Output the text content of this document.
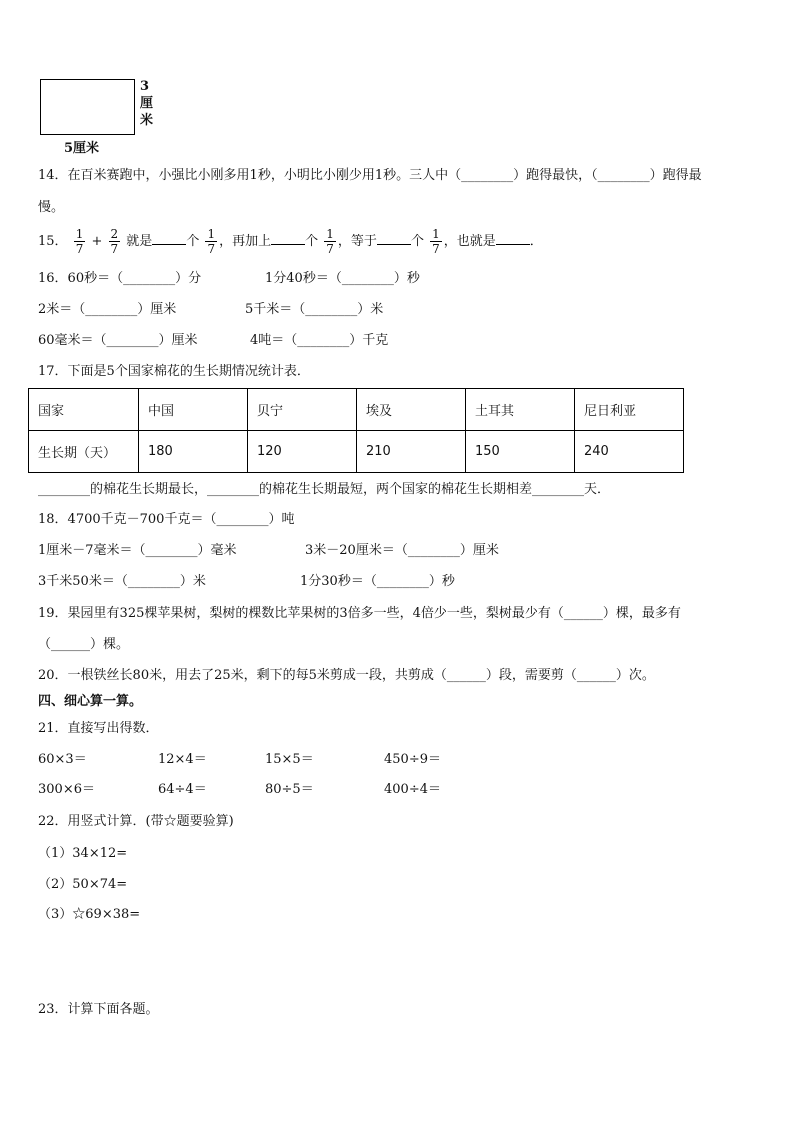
3
厘
米
5厘米
14．在百米赛跑中，小强比小刚多用1秒，小明比小刚少用1秒。三人中（________）跑得最快，（________）跑得最
慢。
15． $\frac{1}{7} + \frac{2}{7}$ 就是	个 $\frac{1}{7}$ ，再加上	个 $\frac{1}{7}$ ，等于	个 $\frac{1}{7}$ ，也就是	．
16．60秒＝（________）分	1分40秒＝（________）秒
2米＝（________）厘米	5千米＝（________）米
60毫米＝（________）厘米	4吨＝（________）千克
17．下面是5个国家棉花的生长期情况统计表．
国家	中国	贝宁	埃及	土耳其	尼日利亚
生长期（天）	180	120	210	150	240
________的棉花生长期最长，________的棉花生长期最短，两个国家的棉花生长期相差________天．
18．4700千克－700千克＝（________）吨
1厘米－7毫米＝（________）毫米	3米－20厘米＝（________）厘米
3千米50米＝（________）米	1分30秒＝（________）秒
19．果园里有325棵苹果树，梨树的棵数比苹果树的3倍多一些，4倍少一些，梨树最少有（______）棵，最多有
（______）棵。
20．一根铁丝长80米，用去了25米，剩下的每5米剪成一段，共剪成（______）段，需要剪（______）次。
四、细心算一算。
21．直接写出得数．
60×3＝	12×4＝	15×5＝	450÷9＝
300×6＝	64÷4＝	80÷5＝	400÷4＝
22．用竖式计算．(带☆题要验算)
（1）34×12=
（2）50×74=
（3）☆69×38=
23．计算下面各题。
